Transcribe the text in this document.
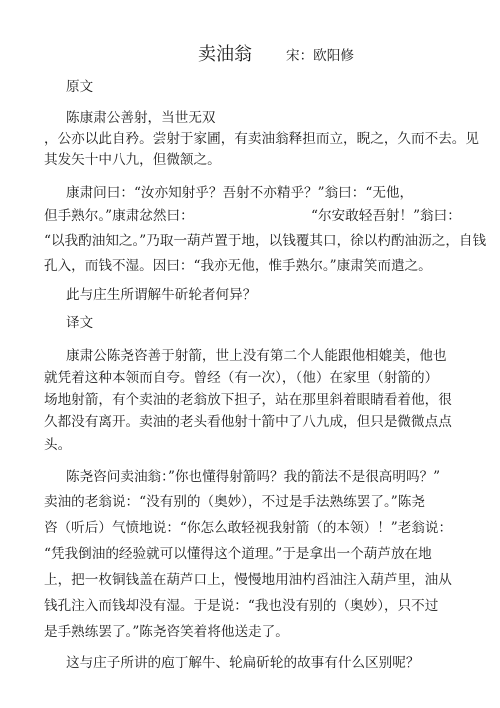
卖油翁	宋：欧阳修
原文
陈康肃公善射，当世无双
，公亦以此自矜。尝射于家圃，有卖油翁释担而立，睨之，久而不去。见
其发矢十中八九，但微颔之。
康肃问曰：“汝亦知射乎？吾射不亦精乎？”翁曰：“无他，
但手熟尔。”康肃忿然曰：	“尔安敢轻吾射！”翁曰：
“以我酌油知之。”乃取一葫芦置于地，以钱覆其口，徐以杓酌油沥之，自钱
孔入，而钱不湿。因曰：“我亦无他，惟手熟尔。”康肃笑而遣之。
此与庄生所谓解牛斫轮者何异？
译文
康肃公陈尧咨善于射箭，世上没有第二个人能跟他相媲美，他也
就凭着这种本领而自夸。曾经（有一次），（他）在家里（射箭的）
场地射箭，有个卖油的老翁放下担子，站在那里斜着眼睛看着他，很
久都没有离开。卖油的老头看他射十箭中了八九成，但只是微微点点
头。
陈尧咨问卖油翁：”你也懂得射箭吗？我的箭法不是很高明吗？”
卖油的老翁说：“没有别的（奥妙），不过是手法熟练罢了。”陈尧
咨（听后）气愤地说：“你怎么敢轻视我射箭（的本领）！”老翁说：
“凭我倒油的经验就可以懂得这个道理。”于是拿出一个葫芦放在地
上，把一枚铜钱盖在葫芦口上，慢慢地用油杓舀油注入葫芦里，油从
钱孔注入而钱却没有湿。于是说：“我也没有别的（奥妙），只不过
是手熟练罢了。”陈尧咨笑着将他送走了。
这与庄子所讲的庖丁解牛、轮扁斫轮的故事有什么区别呢？
